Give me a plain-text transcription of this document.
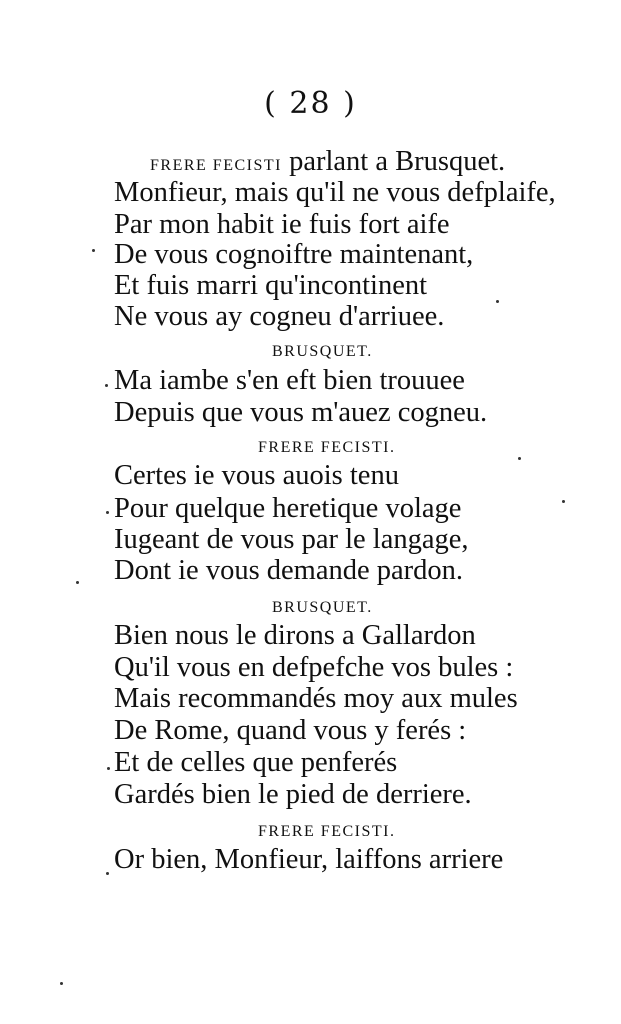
( 28 )
FRERE FECISTI parlant a Brusquet.
Monfieur, mais qu'il ne vous defplaife,
Par mon habit ie fuis fort aife
De vous cognoiftre maintenant,
Et fuis marri qu'incontinent
Ne vous ay cogneu d'arriuee.
BRUSQUET.
Ma iambe s'en eft bien trouuee
Depuis que vous m'auez cogneu.
FRERE FECISTI.
Certes ie vous auois tenu
Pour quelque heretique volage
Iugeant de vous par le langage,
Dont ie vous demande pardon.
BRUSQUET.
Bien nous le dirons a Gallardon
Qu'il vous en defpefche vos bules :
Mais recommandés moy aux mules
De Rome, quand vous y ferés :
Et de celles que penferés
Gardés bien le pied de derriere.
FRERE FECISTI.
Or bien, Monfieur, laiffons arriere
